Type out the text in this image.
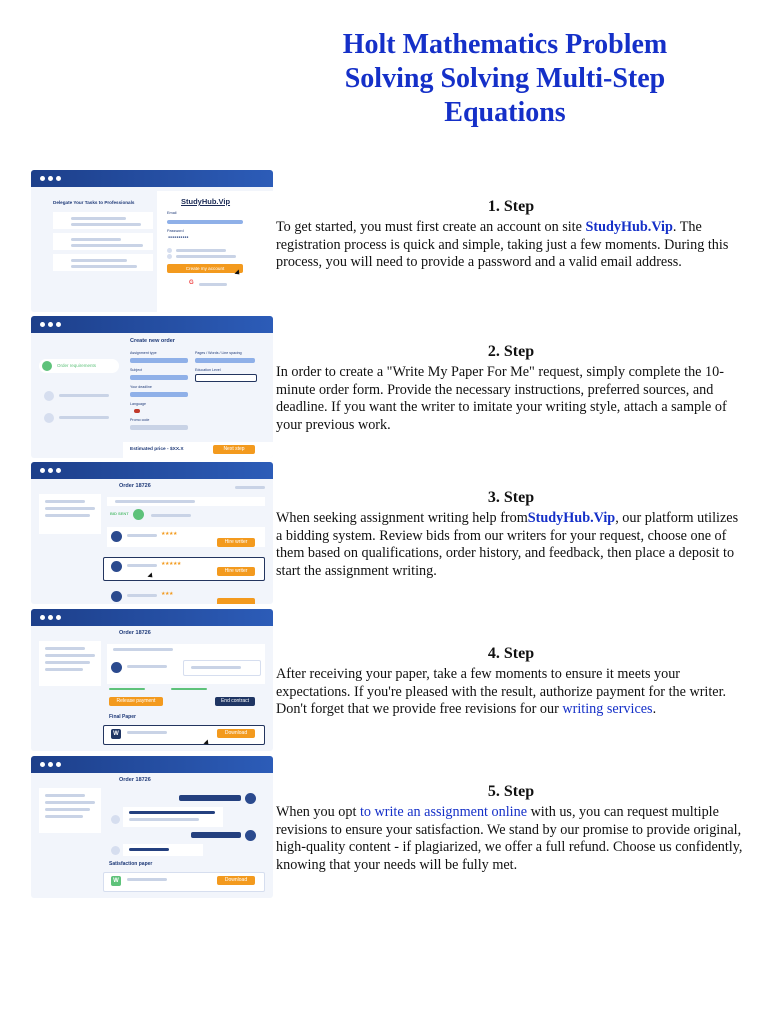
Holt Mathematics Problem
Solving Solving Multi-Step
Equations
Delegate Your Tasks to Professionals	StudyHub.Vip
Email
Password
●●●●●●●●●●
Create my account
G
1. Step
To get started, you must first create an account on site StudyHub.Vip. The registration process is quick and simple, taking just a few moments. During this process, you will need to provide a password and a valid email address.
Order requirements
Create new order
Assignment type	Pages / Words / Line spacing
Subject	Education Level
Your deadline
Language
Promo code
Estimated price - $XX.X	Next step
2. Step
In order to create a "Write My Paper For Me" request, simply complete the 10-minute order form. Provide the necessary instructions, preferred sources, and deadline. If you want the writer to imitate your writing style, attach a sample of your previous work.
Order 18726
BID SENT
★★★★
Hire writer
★★★★★
Hire writer
★★★
3. Step
When seeking assignment writing help fromStudyHub.Vip, our platform utilizes a bidding system. Review bids from our writers for your request, choose one of them based on qualifications, order history, and feedback, then place a deposit to start the assignment writing.
Order 18726
Release payment	End contract
Final Paper
W	Download
4. Step
After receiving your paper, take a few moments to ensure it meets your expectations. If you're pleased with the result, authorize payment for the writer. Don't forget that we provide free revisions for our writing services.
Order 18726
Satisfaction paper
W	Download
5. Step
When you opt to write an assignment online with us, you can request multiple revisions to ensure your satisfaction. We stand by our promise to provide original, high-quality content - if plagiarized, we offer a full refund. Choose us confidently, knowing that your needs will be fully met.
